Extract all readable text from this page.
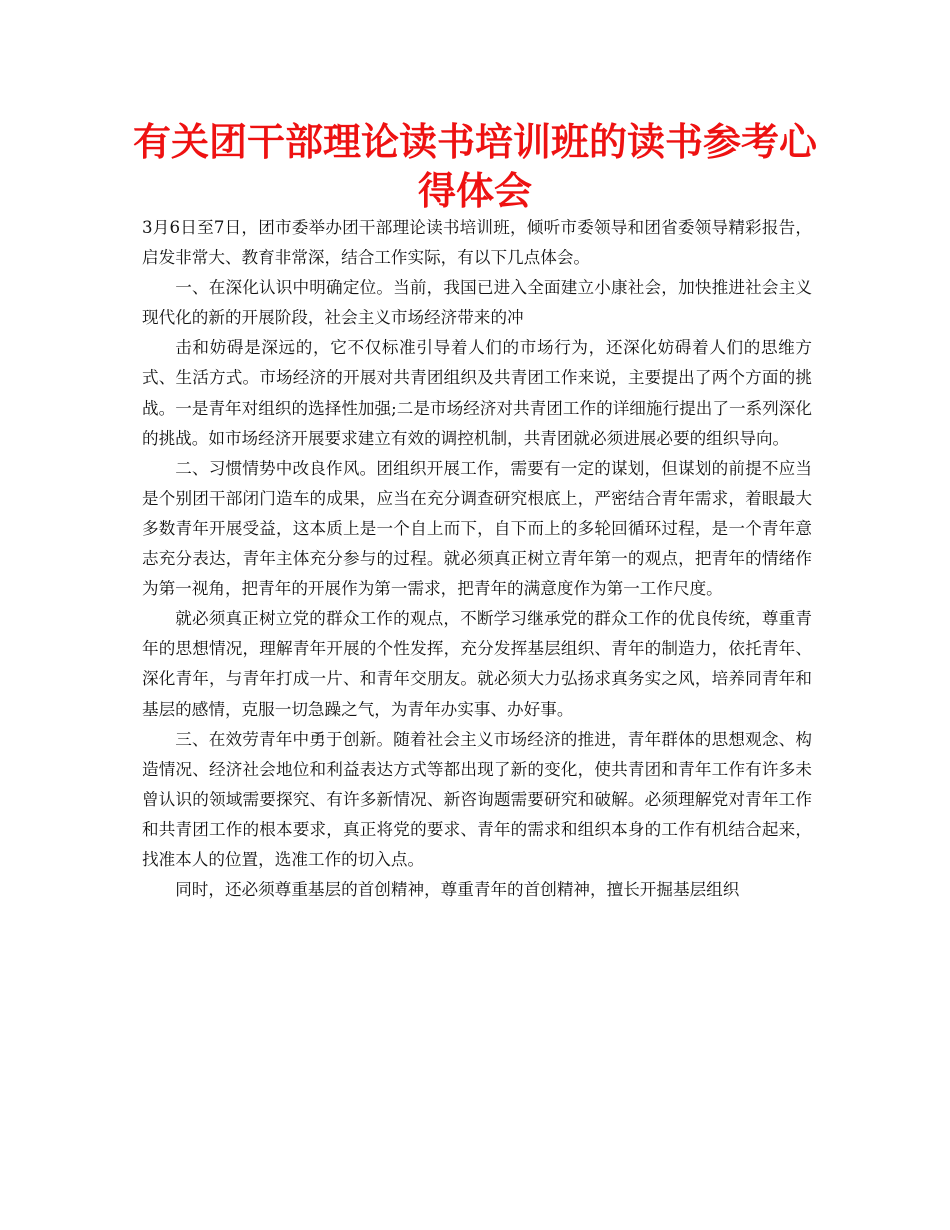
有关团干部理论读书培训班的读书参考心得体会

3月6日至7日，团市委举办团干部理论读书培训班，倾听市委领导和团省委领导精彩报告，启发非常大、教育非常深，结合工作实际，有以下几点体会。

一、在深化认识中明确定位。当前，我国已进入全面建立小康社会，加快推进社会主义现代化的新的开展阶段，社会主义市场经济带来的冲

击和妨碍是深远的，它不仅标准引导着人们的市场行为，还深化妨碍着人们的思维方式、生活方式。市场经济的开展对共青团组织及共青团工作来说，主要提出了两个方面的挑战。一是青年对组织的选择性加强;二是市场经济对共青团工作的详细施行提出了一系列深化的挑战。如市场经济开展要求建立有效的调控机制，共青团就必须进展必要的组织导向。

二、习惯情势中改良作风。团组织开展工作，需要有一定的谋划，但谋划的前提不应当是个别团干部闭门造车的成果，应当在充分调查研究根底上，严密结合青年需求，着眼最大多数青年开展受益，这本质上是一个自上而下，自下而上的多轮回循环过程，是一个青年意志充分表达，青年主体充分参与的过程。就必须真正树立青年第一的观点，把青年的情绪作为第一视角，把青年的开展作为第一需求，把青年的满意度作为第一工作尺度。

就必须真正树立党的群众工作的观点，不断学习继承党的群众工作的优良传统，尊重青年的思想情况，理解青年开展的个性发挥，充分发挥基层组织、青年的制造力，依托青年、深化青年，与青年打成一片、和青年交朋友。就必须大力弘扬求真务实之风，培养同青年和基层的感情，克服一切急躁之气，为青年办实事、办好事。

三、在效劳青年中勇于创新。随着社会主义市场经济的推进，青年群体的思想观念、构造情况、经济社会地位和利益表达方式等都出现了新的变化，使共青团和青年工作有许多未曾认识的领域需要探究、有许多新情况、新咨询题需要研究和破解。必须理解党对青年工作和共青团工作的根本要求，真正将党的要求、青年的需求和组织本身的工作有机结合起来，找准本人的位置，选准工作的切入点。

同时，还必须尊重基层的首创精神，尊重青年的首创精神，擅长开掘基层组织
